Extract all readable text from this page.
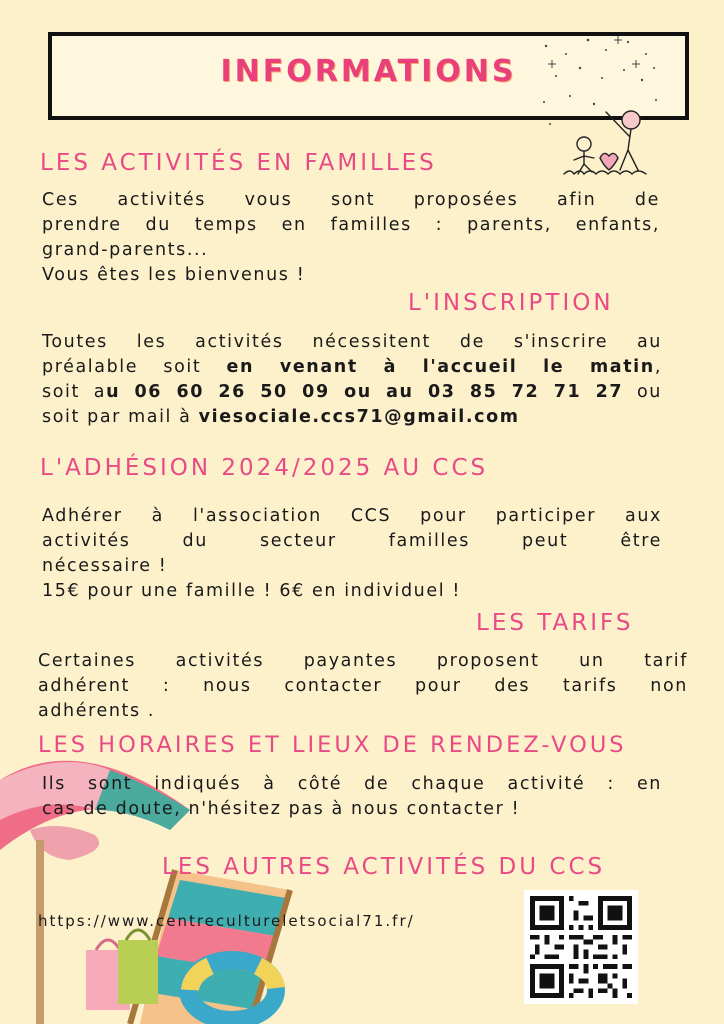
INFORMATIONS
LES ACTIVITÉS EN FAMILLES
Ces activités vous sont proposées afin de
prendre du temps en familles : parents, enfants,
grand-parents...
Vous êtes les bienvenus !
L'INSCRIPTION
Toutes les activités nécessitent de s'inscrire au
préalable soit en venant à l'accueil le matin,
soit au 06 60 26 50 09 ou au 03 85 72 71 27 ou
soit par mail à viesociale.ccs71@gmail.com
L'ADHÉSION 2024/2025 AU CCS
Adhérer à l'association CCS pour participer aux
activités du secteur familles peut être
nécessaire !
15€ pour une famille ! 6€ en individuel !
LES TARIFS
Certaines activités payantes proposent un tarif
adhérent : nous contacter pour des tarifs non
adhérents .
LES HORAIRES ET LIEUX DE RENDEZ-VOUS
Ils sont indiqués à côté de chaque activité : en
cas de doute, n'hésitez pas à nous contacter !
LES AUTRES ACTIVITÉS DU CCS
https://www.centrecultureletsocial71.fr/
